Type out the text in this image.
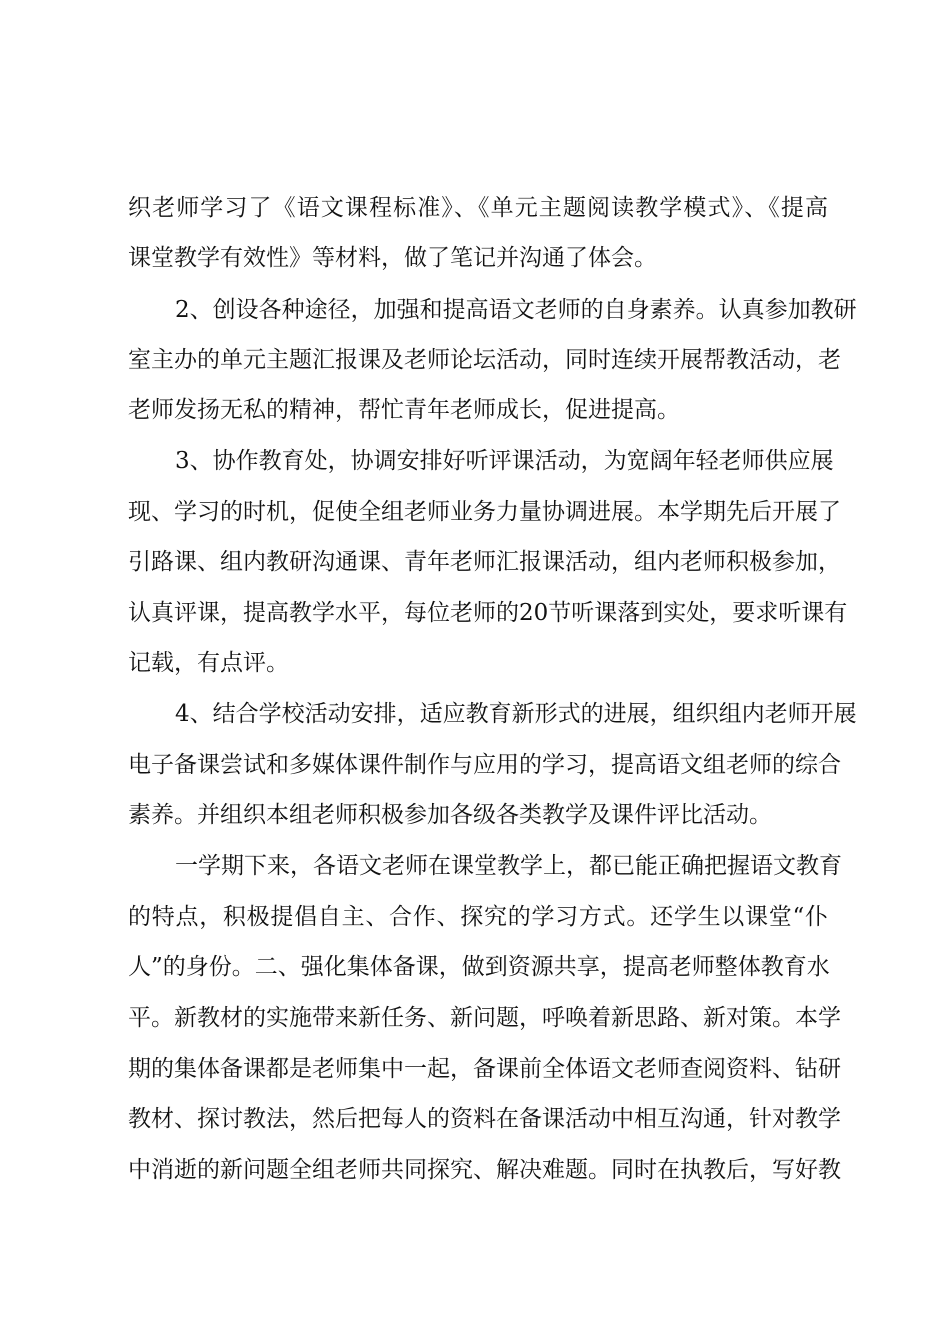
织老师学习了《语文课程标准》、《单元主题阅读教学模式》、《提高
课堂教学有效性》等材料，做了笔记并沟通了体会。
2、创设各种途径，加强和提高语文老师的自身素养。认真参加教研
室主办的单元主题汇报课及老师论坛活动，同时连续开展帮教活动，老
老师发扬无私的精神，帮忙青年老师成长，促进提高。
3、协作教育处，协调安排好听评课活动，为宽阔年轻老师供应展
现、学习的时机，促使全组老师业务力量协调进展。本学期先后开展了
引路课、组内教研沟通课、青年老师汇报课活动，组内老师积极参加，
认真评课，提高教学水平，每位老师的20节听课落到实处，要求听课有
记载，有点评。
4、结合学校活动安排，适应教育新形式的进展，组织组内老师开展
电子备课尝试和多媒体课件制作与应用的学习，提高语文组老师的综合
素养。并组织本组老师积极参加各级各类教学及课件评比活动。
一学期下来，各语文老师在课堂教学上，都已能正确把握语文教育
的特点，积极提倡自主、合作、探究的学习方式。还学生以课堂“仆
人”的身份。二、强化集体备课，做到资源共享，提高老师整体教育水
平。新教材的实施带来新任务、新问题，呼唤着新思路、新对策。本学
期的集体备课都是老师集中一起，备课前全体语文老师查阅资料、钻研
教材、探讨教法，然后把每人的资料在备课活动中相互沟通，针对教学
中消逝的新问题全组老师共同探究、解决难题。同时在执教后，写好教
